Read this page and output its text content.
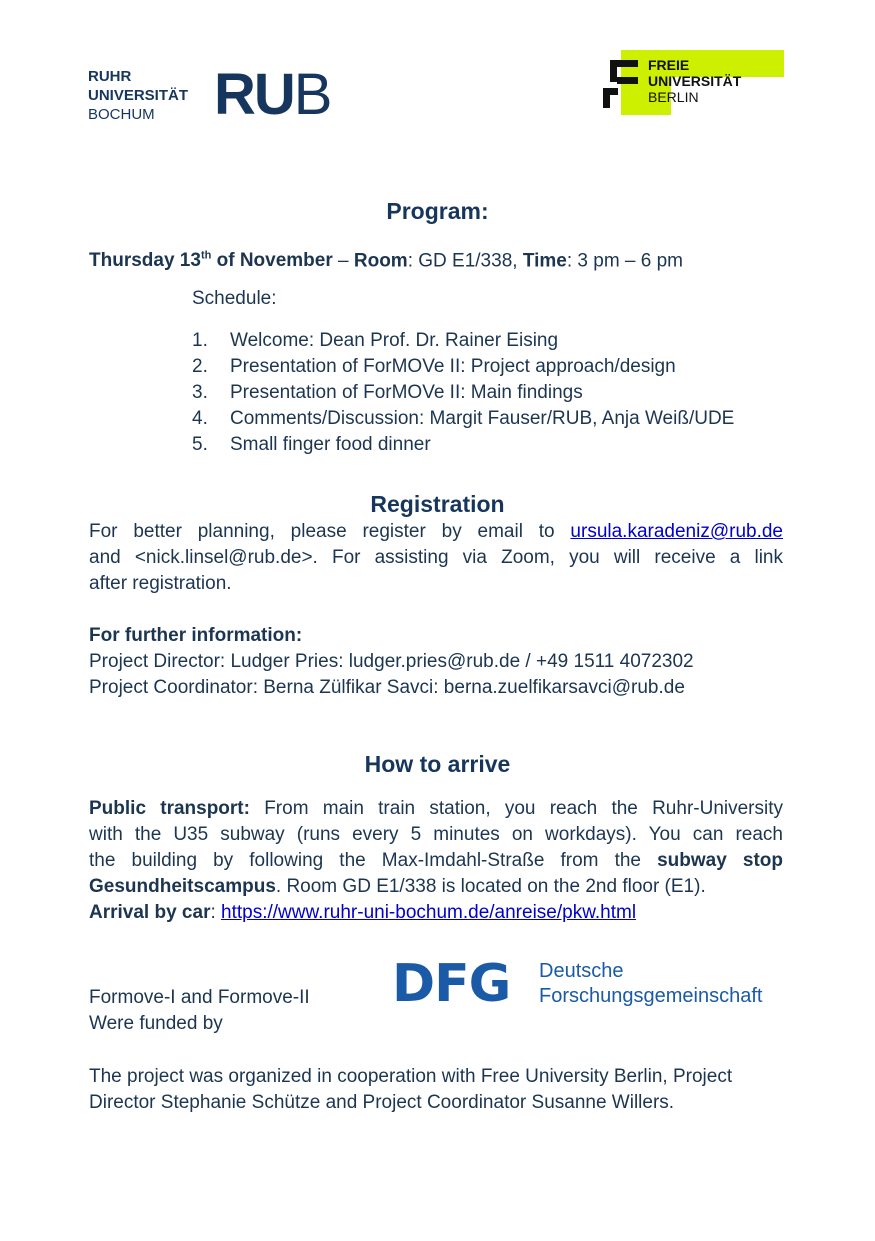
RUHR
UNIVERSITÄT
BOCHUM	RUB	FREIE
UNIVERSITÄT
BERLIN
Program:
Thursday 13th of November – Room: GD E1/338, Time: 3 pm – 6 pm
Schedule:
1. Welcome: Dean Prof. Dr. Rainer Eising
2. Presentation of ForMOVe II: Project approach/design
3. Presentation of ForMOVe II: Main findings
4. Comments/Discussion: Margit Fauser/RUB, Anja Weiß/UDE
5. Small finger food dinner
Registration
For better planning, please register by email to ursula.karadeniz@rub.de
and <nick.linsel@rub.de>. For assisting via Zoom, you will receive a link
after registration.
For further information:
Project Director: Ludger Pries: ludger.pries@rub.de / +49 1511 4072302
Project Coordinator: Berna Zülfikar Savci: berna.zuelfikarsavci@rub.de
How to arrive
Public transport: From main train station, you reach the Ruhr-University
with the U35 subway (runs every 5 minutes on workdays). You can reach
the building by following the Max-Imdahl-Straße from the subway stop
Gesundheitscampus. Room GD E1/338 is located on the 2nd floor (E1).
Arrival by car: https://www.ruhr-uni-bochum.de/anreise/pkw.html
Formove-I and Formove-II
Were funded by
DFG Deutsche
Forschungsgemeinschaft
The project was organized in cooperation with Free University Berlin, Project
Director Stephanie Schütze and Project Coordinator Susanne Willers.
